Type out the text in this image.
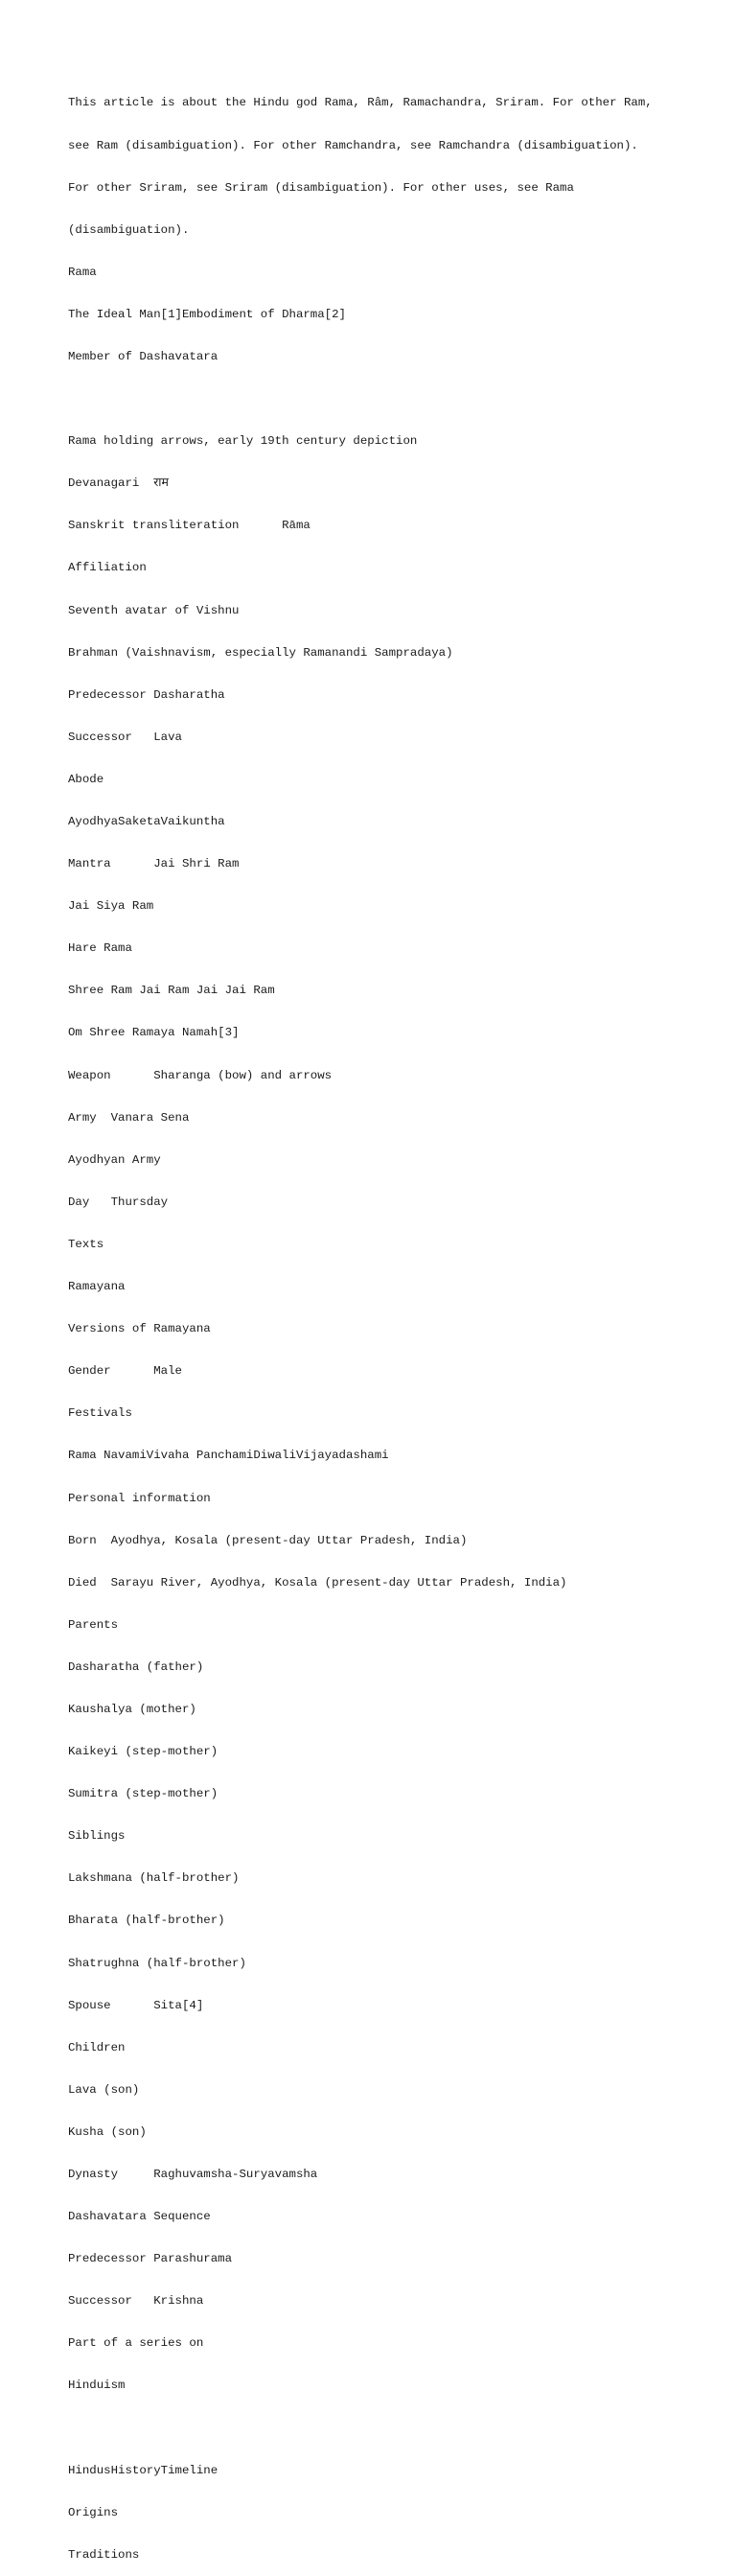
This article is about the Hindu god Rama, Râm, Ramachandra, Sriram. For other Ram,

see Ram (disambiguation). For other Ramchandra, see Ramchandra (disambiguation).

For other Sriram, see Sriram (disambiguation). For other uses, see Rama

(disambiguation).

Rama

The Ideal Man[1]Embodiment of Dharma[2]

Member of Dashavatara

Rama holding arrows, early 19th century depiction

Devanagari  राम

Sanskrit transliteration      Rāma

Affiliation

Seventh avatar of Vishnu

Brahman (Vaishnavism, especially Ramanandi Sampradaya)

Predecessor Dasharatha

Successor   Lava

Abode

AyodhyaSaketaVaikuntha

Mantra      Jai Shri Ram

Jai Siya Ram

Hare Rama

Shree Ram Jai Ram Jai Jai Ram

Om Shree Ramaya Namah[3]

Weapon      Sharanga (bow) and arrows

Army  Vanara Sena

Ayodhyan Army

Day   Thursday

Texts

Ramayana

Versions of Ramayana

Gender      Male

Festivals

Rama NavamiVivaha PanchamiDiwaliVijayadashami

Personal information

Born  Ayodhya, Kosala (present-day Uttar Pradesh, India)

Died  Sarayu River, Ayodhya, Kosala (present-day Uttar Pradesh, India)

Parents

Dasharatha (father)

Kaushalya (mother)

Kaikeyi (step-mother)

Sumitra (step-mother)

Siblings

Lakshmana (half-brother)

Bharata (half-brother)

Shatrughna (half-brother)

Spouse      Sita[4]

Children

Lava (son)

Kusha (son)

Dynasty     Raghuvamsha-Suryavamsha

Dashavatara Sequence

Predecessor Parashurama

Successor   Krishna

Part of a series on

Hinduism

HindusHistoryTimeline

Origins

Traditions
